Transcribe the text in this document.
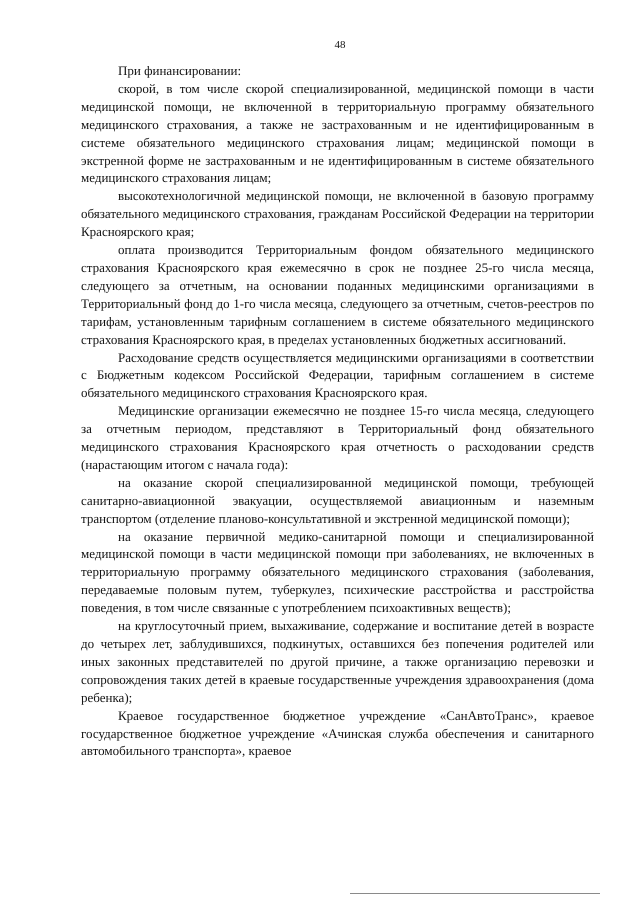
48

При финансировании:

скорой, в том числе скорой специализированной, медицинской помощи в части медицинской помощи, не включенной в территориальную программу обязательного медицинского страхования, а также не застрахованным и не идентифицированным в системе обязательного медицинского страхования лицам; медицинской помощи в экстренной форме не застрахованным и не идентифицированным в системе обязательного медицинского страхования лицам;

высокотехнологичной медицинской помощи, не включенной в базовую программу обязательного медицинского страхования, гражданам Российской Федерации на территории Красноярского края;

оплата производится Территориальным фондом обязательного медицинского страхования Красноярского края ежемесячно в срок не позднее 25-го числа месяца, следующего за отчетным, на основании поданных медицинскими организациями в Территориальный фонд до 1-го числа месяца, следующего за отчетным, счетов-реестров по тарифам, установленным тарифным соглашением в системе обязательного медицинского страхования Красноярского края, в пределах установленных бюджетных ассигнований.

Расходование средств осуществляется медицинскими организациями в соответствии с Бюджетным кодексом Российской Федерации, тарифным соглашением в системе обязательного медицинского страхования Красноярского края.

Медицинские организации ежемесячно не позднее 15-го числа месяца, следующего за отчетным периодом, представляют в Территориальный фонд обязательного медицинского страхования Красноярского края отчетность о расходовании средств (нарастающим итогом с начала года):

на оказание скорой специализированной медицинской помощи, требующей санитарно-авиационной эвакуации, осуществляемой авиационным и наземным транспортом (отделение планово-консультативной и экстренной медицинской помощи);

на оказание первичной медико-санитарной помощи и специализированной медицинской помощи в части медицинской помощи при заболеваниях, не включенных в территориальную программу обязательного медицинского страхования (заболевания, передаваемые половым путем, туберкулез, психические расстройства и расстройства поведения, в том числе связанные с употреблением психоактивных веществ);

на круглосуточный прием, выхаживание, содержание и воспитание детей в возрасте до четырех лет, заблудившихся, подкинутых, оставшихся без попечения родителей или иных законных представителей по другой причине, а также организацию перевозки и сопровождения таких детей в краевые государственные учреждения здравоохранения (дома ребенка);

Краевое государственное бюджетное учреждение «СанАвтоТранс», краевое государственное бюджетное учреждение «Ачинская служба обеспечения и санитарного автомобильного транспорта», краевое
